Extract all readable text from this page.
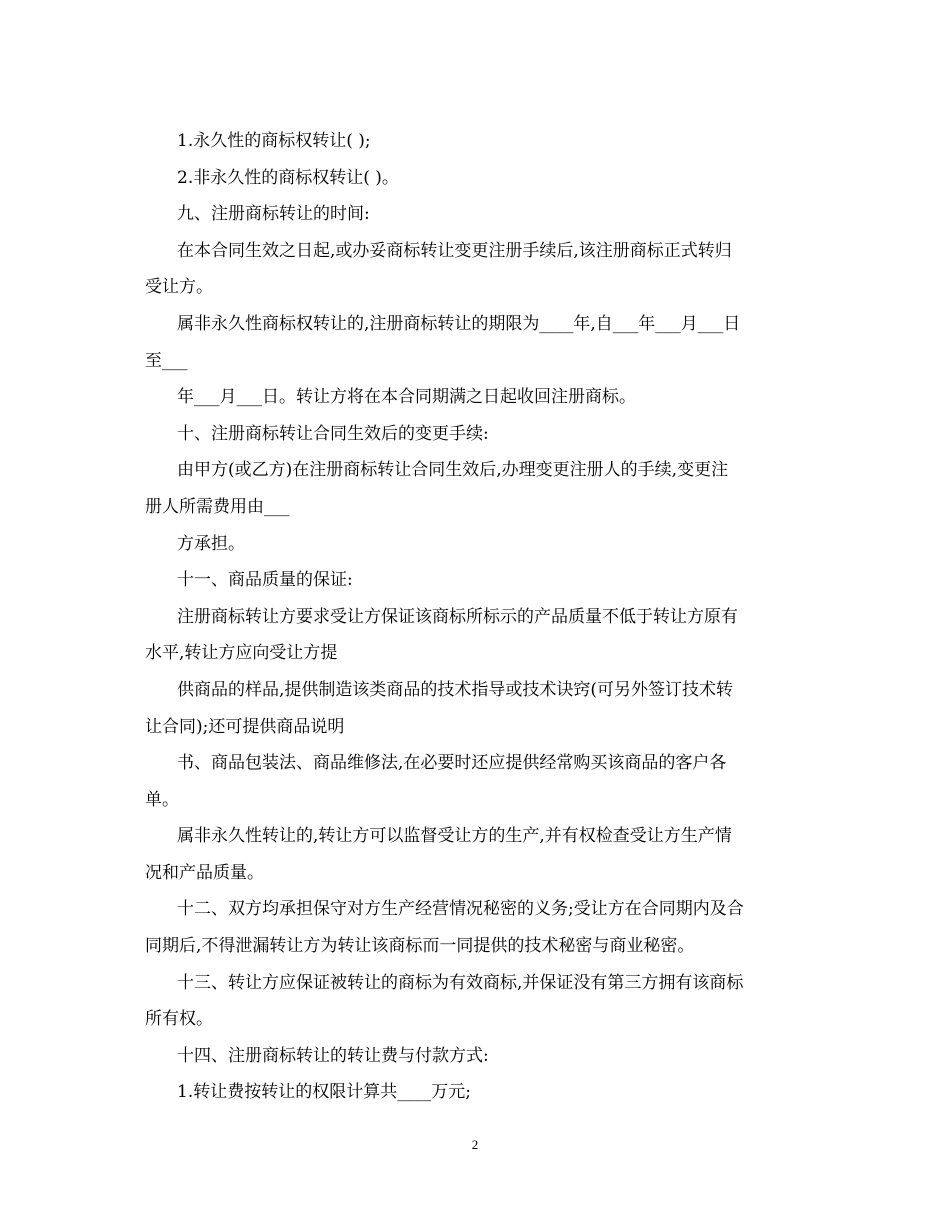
1.永久性的商标权转让( );
2.非永久性的商标权转让( )。
九、注册商标转让的时间:
在本合同生效之日起,或办妥商标转让变更注册手续后,该注册商标正式转归
受让方。
属非永久性商标权转让的,注册商标转让的期限为____年,自___年___月___日
至___
年___月___日。转让方将在本合同期满之日起收回注册商标。
十、注册商标转让合同生效后的变更手续:
由甲方(或乙方)在注册商标转让合同生效后,办理变更注册人的手续,变更注
册人所需费用由___
方承担。
十一、商品质量的保证:
注册商标转让方要求受让方保证该商标所标示的产品质量不低于转让方原有
水平,转让方应向受让方提
供商品的样品,提供制造该类商品的技术指导或技术诀窍(可另外签订技术转
让合同);还可提供商品说明
书、商品包装法、商品维修法,在必要时还应提供经常购买该商品的客户各
单。
属非永久性转让的,转让方可以监督受让方的生产,并有权检查受让方生产情
况和产品质量。
十二、双方均承担保守对方生产经营情况秘密的义务;受让方在合同期内及合
同期后,不得泄漏转让方为转让该商标而一同提供的技术秘密与商业秘密。
十三、转让方应保证被转让的商标为有效商标,并保证没有第三方拥有该商标
所有权。
十四、注册商标转让的转让费与付款方式:
1.转让费按转让的权限计算共____万元;
2
